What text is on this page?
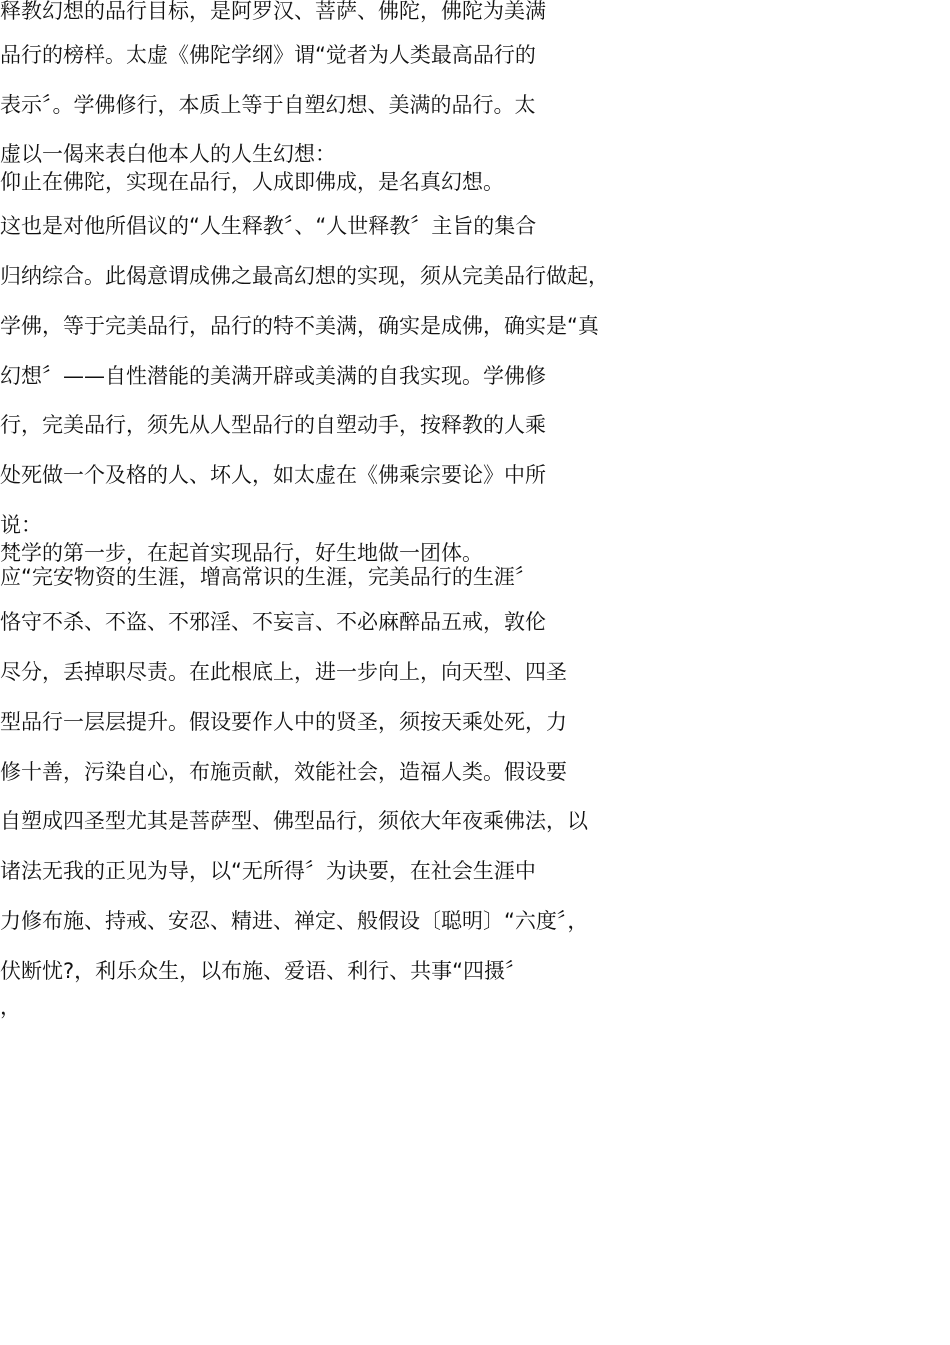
释教幻想的品行目标，是阿罗汉、菩萨、佛陀，佛陀为美满

品行的榜样。太虚《佛陀学纲》谓“觉者为人类最高品行的

表示〞。学佛修行，本质上等于自塑幻想、美满的品行。太

虚以一偈来表白他本人的人生幻想：

仰止在佛陀，实现在品行，人成即佛成，是名真幻想。

这也是对他所倡议的“人生释教〞、“人世释教〞主旨的集合

归纳综合。此偈意谓成佛之最高幻想的实现，须从完美品行做起，

学佛，等于完美品行，品行的特不美满，确实是成佛，确实是“真

幻想〞——自性潜能的美满开辟或美满的自我实现。学佛修

行，完美品行，须先从人型品行的自塑动手，按释教的人乘

处死做一个及格的人、坏人，如太虚在《佛乘宗要论》中所

说：

梵学的第一步，在起首实现品行，好生地做一团体。

应“完安物资的生涯，增高常识的生涯，完美品行的生涯〞

恪守不杀、不盗、不邪淫、不妄言、不必麻醉品五戒，敦伦

尽分，丢掉职尽责。在此根底上，进一步向上，向天型、四圣

型品行一层层提升。假设要作人中的贤圣，须按天乘处死，力

修十善，污染自心，布施贡献，效能社会，造福人类。假设要

自塑成四圣型尤其是菩萨型、佛型品行，须依大年夜乘佛法，以

诸法无我的正见为导，以“无所得〞为诀要，在社会生涯中

力修布施、持戒、安忍、精进、禅定、般假设〔聪明〕“六度〞，

伏断忧?，利乐众生，以布施、爱语、利行、共事“四摄〞

，
